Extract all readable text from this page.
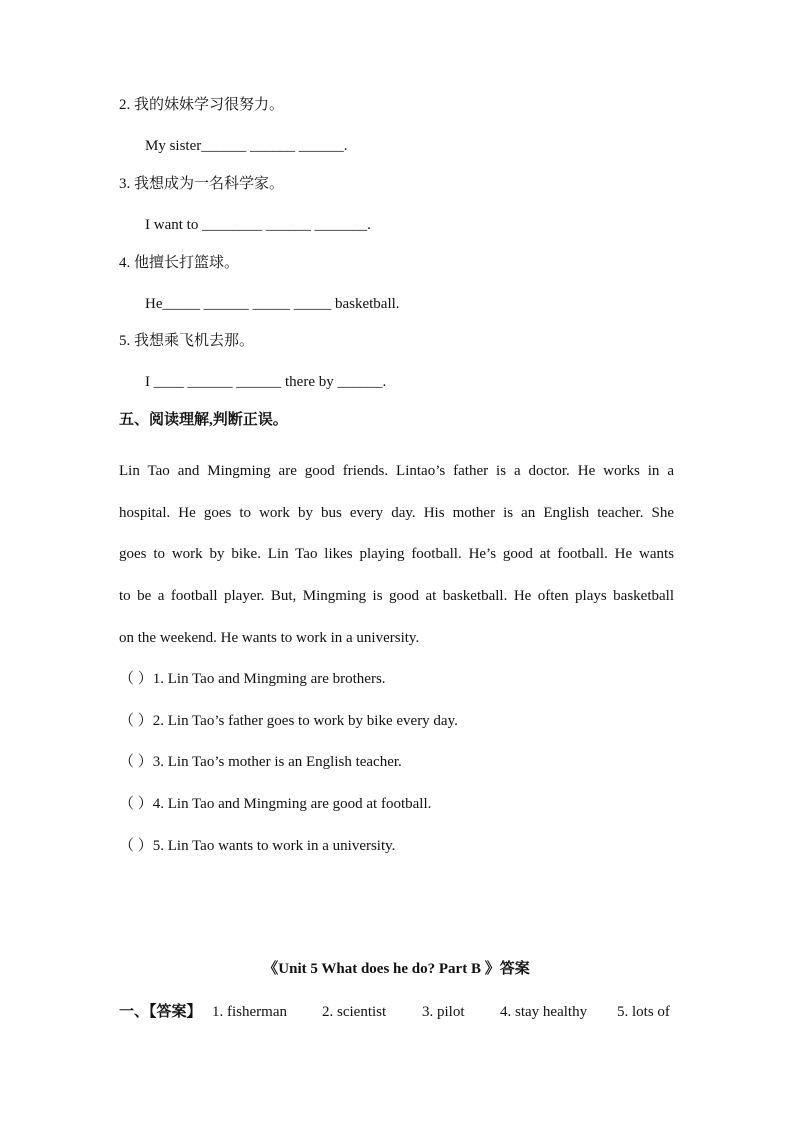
2. 我的妹妹学习很努力。
My sister______ ______ ______.
3. 我想成为一名科学家。
I want to ________ ______ _______.
4. 他擅长打篮球。
He_____ ______ _____ _____ basketball.
5. 我想乘飞机去那。
I ____ ______ ______ there by ______.
五、阅读理解,判断正误。
Lin Tao and Mingming are good friends. Lintao’s father is a doctor. He works in a
hospital. He goes to work by bus every day. His mother is an English teacher. She
goes to work by bike. Lin Tao likes playing football. He’s good at football. He wants
to be a football player. But, Mingming is good at basketball. He often plays basketball
on the weekend. He wants to work in a university.
（ ）1. Lin Tao and Mingming are brothers.
（ ）2. Lin Tao’s father goes to work by bike every day.
（ ）3. Lin Tao’s mother is an English teacher.
（ ）4. Lin Tao and Mingming are good at football.
（ ）5. Lin Tao wants to work in a university.
《Unit 5 What does he do? Part B 》答案
一、【答案】 1. fisherman 2. scientist 3. pilot 4. stay healthy 5. lots of
